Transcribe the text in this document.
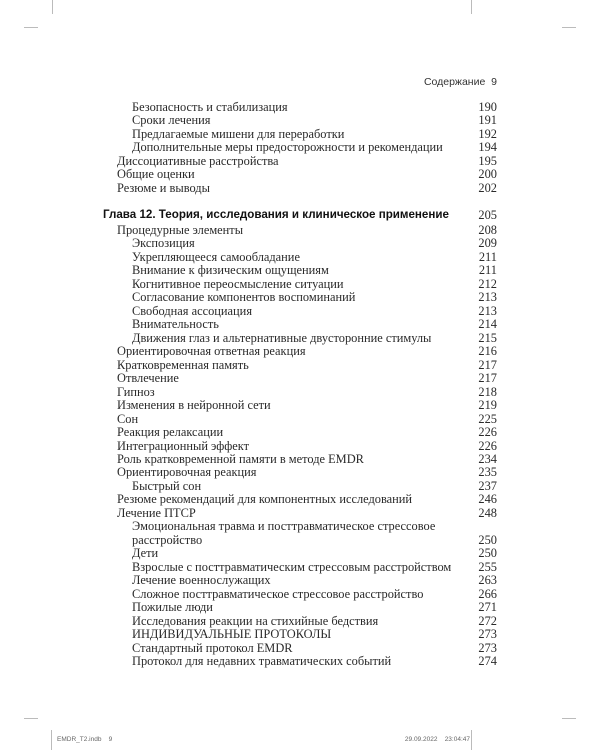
Содержание 9
Безопасность и стабилизация	190
Сроки лечения	191
Предлагаемые мишени для переработки	192
Дополнительные меры предосторожности и рекомендации	194
Диссоциативные расстройства	195
Общие оценки	200
Резюме и выводы	202
Глава 12. Теория, исследования и клиническое применение 205
Процедурные элементы	208
Экспозиция	209
Укрепляющееся самообладание	211
Внимание к физическим ощущениям	211
Когнитивное переосмысление ситуации	212
Согласование компонентов воспоминаний	213
Свободная ассоциация	213
Внимательность	214
Движения глаз и альтернативные двусторонние стимулы	215
Ориентировочная ответная реакция	216
Кратковременная память	217
Отвлечение	217
Гипноз	218
Изменения в нейронной сети	219
Сон	225
Реакция релаксации	226
Интеграционный эффект	226
Роль кратковременной памяти в методе EMDR	234
Ориентировочная реакция	235
Быстрый сон	237
Резюме рекомендаций для компонентных исследований	246
Лечение ПТСР	248
Эмоциональная травма и посттравматическое стрессовое
расстройство	250
Дети	250
Взрослые с посттравматическим стрессовым расстройством 255
Лечение военнослужащих	263
Сложное посттравматическое стрессовое расстройство	266
Пожилые люди	271
Исследования реакции на стихийные бедствия	272
ИНДИВИДУАЛЬНЫЕ ПРОТОКОЛЫ	273
Стандартный протокол EMDR	273
Протокол для недавних травматических событий	274
EMDR_T2.indb 9	29.09.2022 23:04:47
